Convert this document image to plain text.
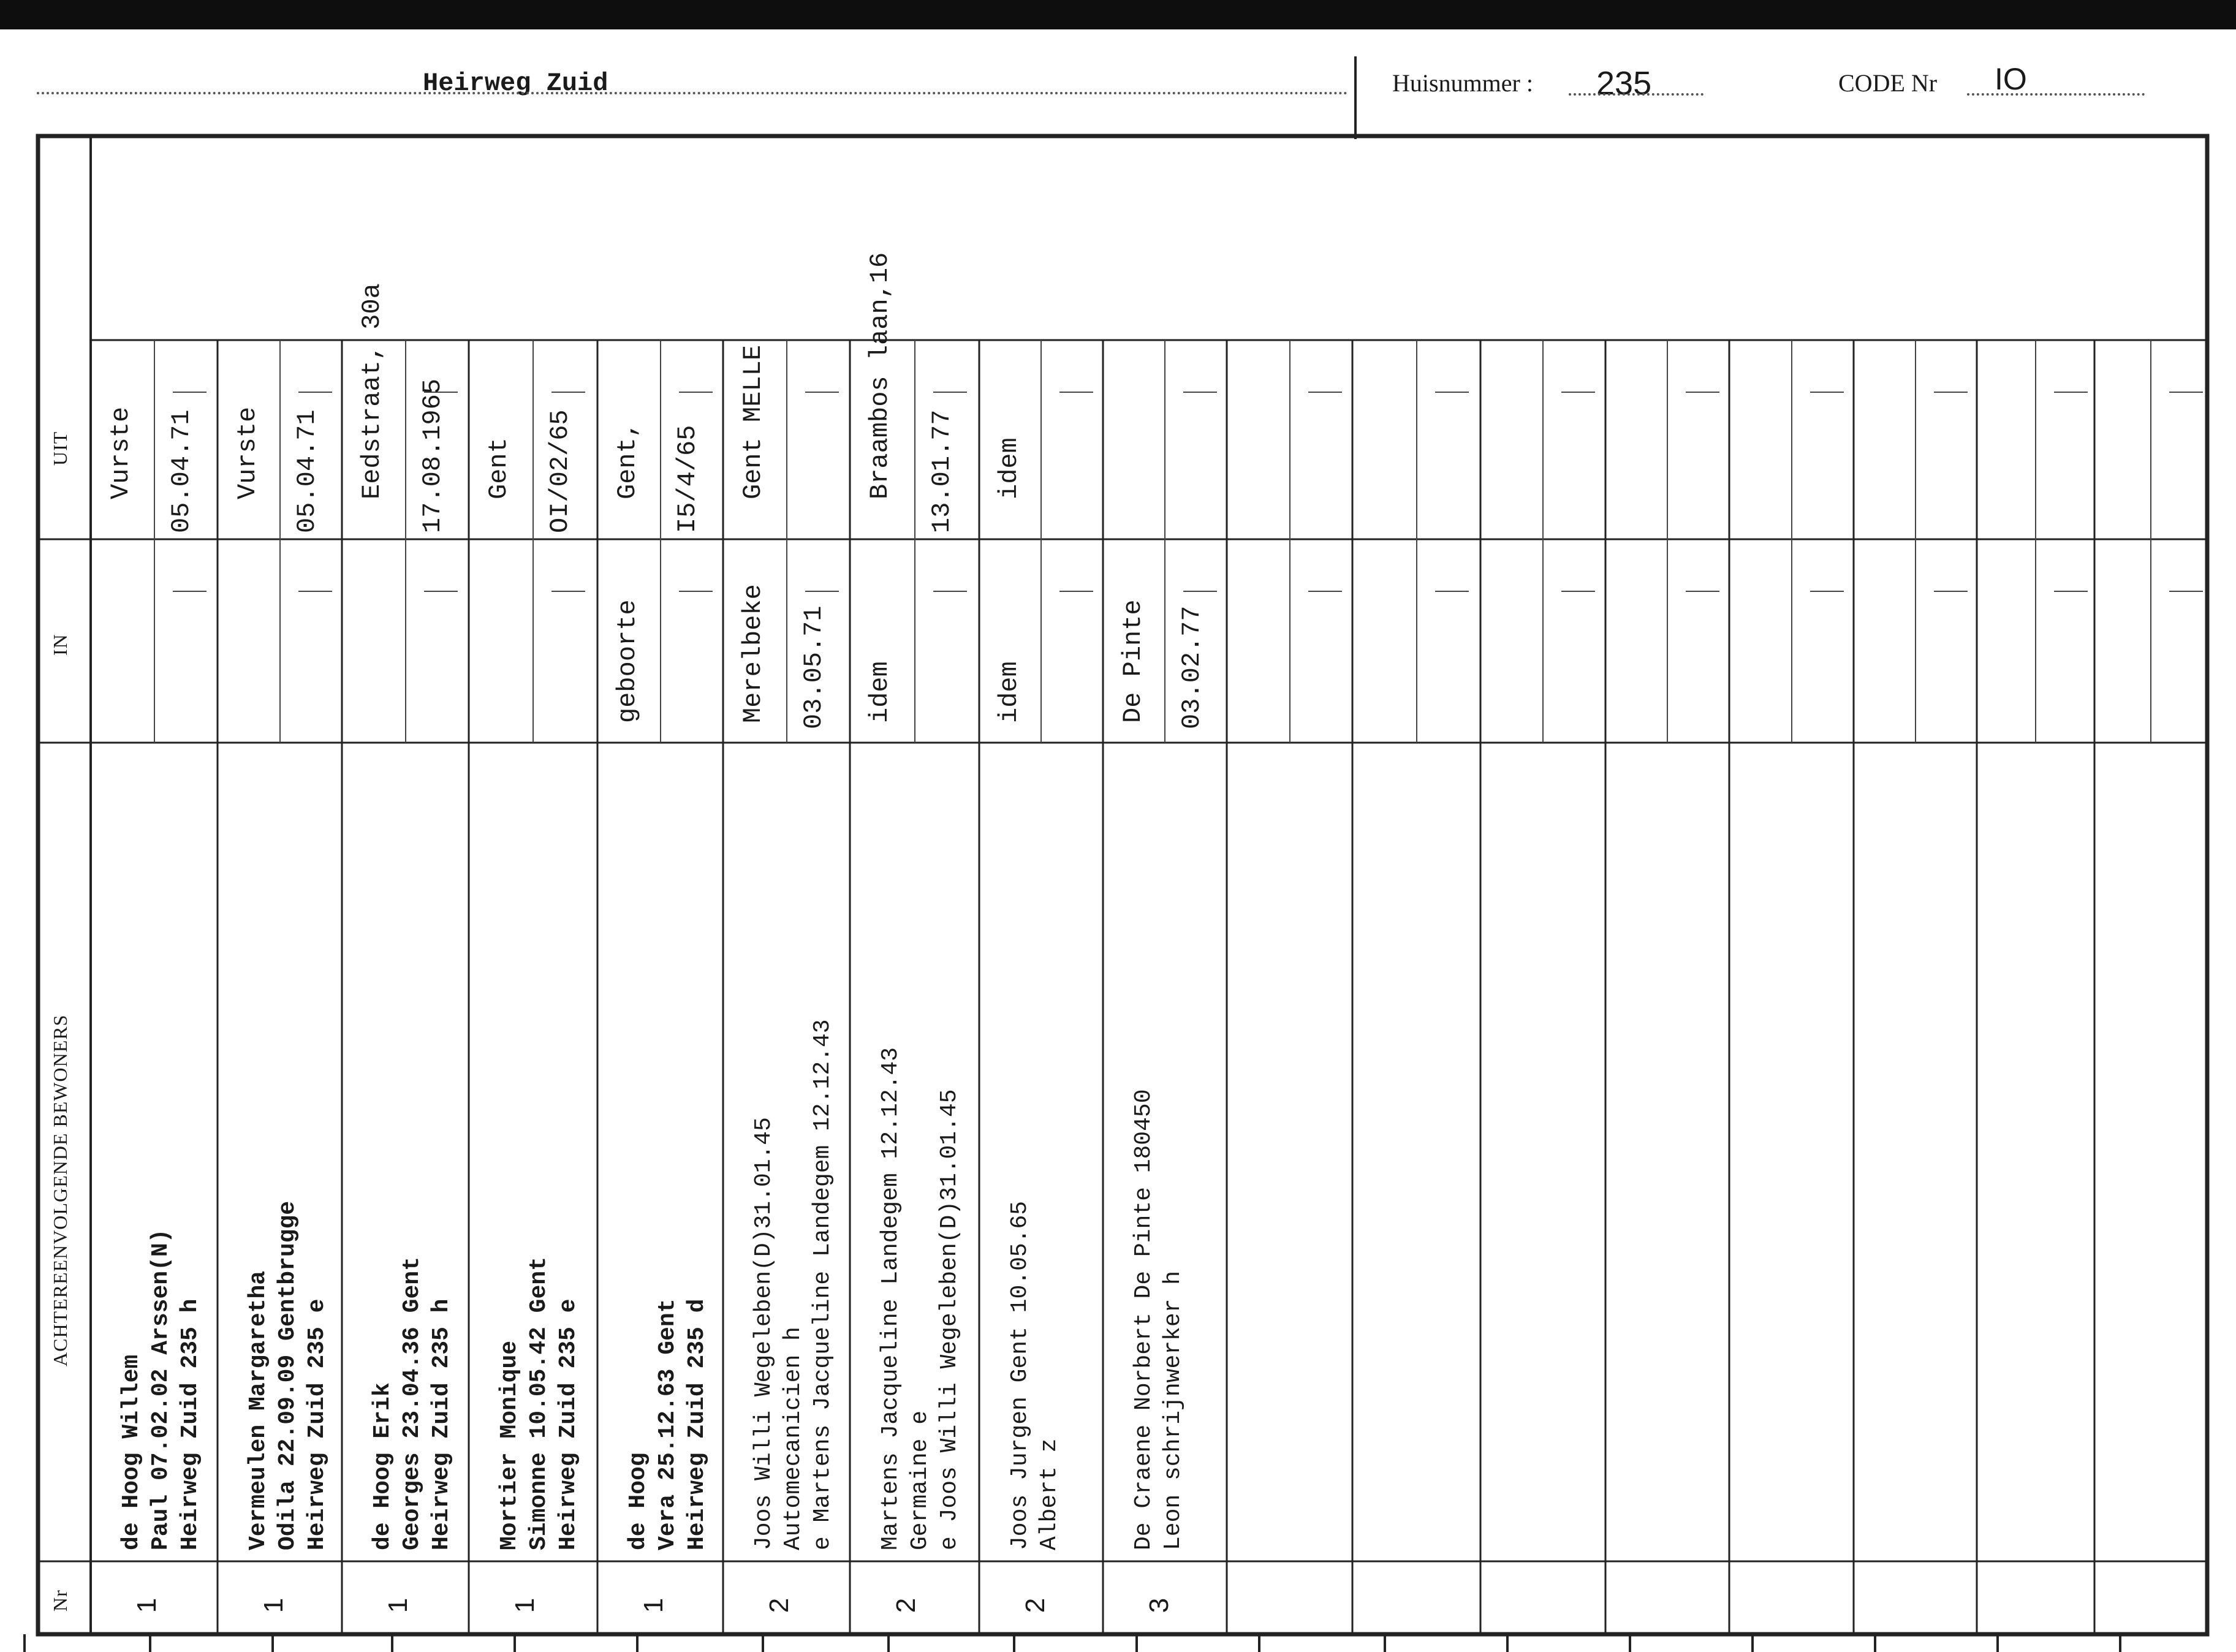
Heirweg Zuid	Huisnummer : 235	CODE Nr IO
UIT
IN
ACHTEREENVOLGENDE BEWONERS
Nr
Vurste 05.04.71
de Hoog Willem Paul 07.02.02 Arssen(N) Heirweg Zuid 235 h
1
Vurste 05.04.71
Vermeulen Margaretha Odila 22.09.09 Gentbrugge Heirweg Zuid 235 e
1
Eedstraat, 30a 17.08.1965
de Hoog Erik Georges 23.04.36 Gent Heirweg Zuid 235 h
1
Gent OI/02/65
Mortier Monique Simonne 10.05.42 Gent Heirweg Zuid 235 e
1
Gent, I5/4/65
geboorte
de Hoog Vera 25.12.63 Gent Heirweg Zuid 235 d
1
Gent MELLE
Merelbeke 03.05.71
Joos Willi Wegeleben(D)31.01.45 Automecanicien h e Martens Jacqueline Landegem 12.12.43
2
Braambos laan,16 13.01.77
idem
Martens Jacqueline Landegem 12.12.43 Germaine e e Joos Willi Wegeleben(D)31.01.45
2
idem
idem
Joos Jurgen Gent 10.05.65 Albert z
2
De Pinte 03.02.77
De Craene Norbert De Pinte 180450 Leon schrijnwerker h
3
